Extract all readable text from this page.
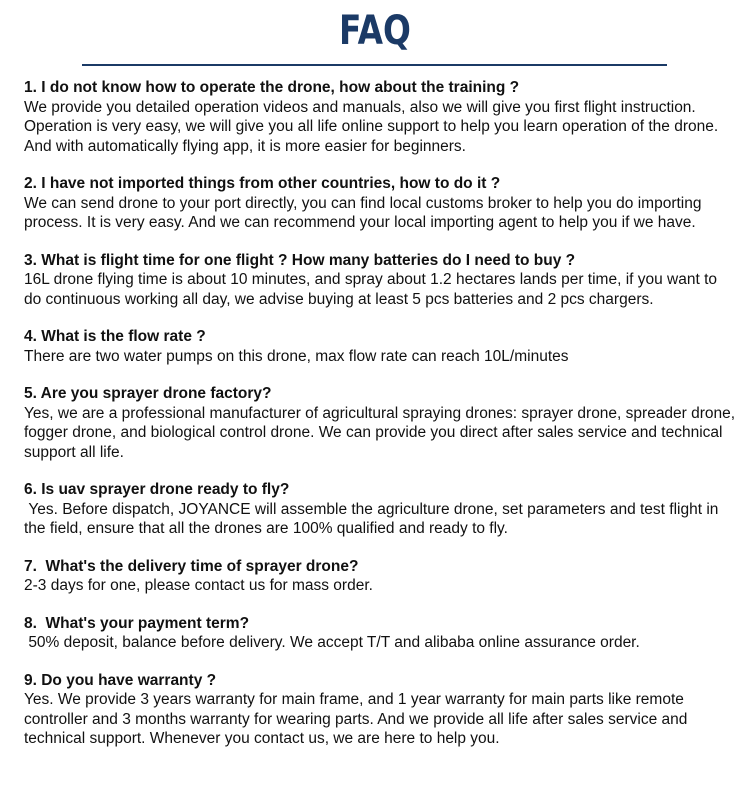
FAQ
1. I do not know how to operate the drone, how about the training ?
We provide you detailed operation videos and manuals, also we will give you first flight instruction. Operation is very easy, we will give you all life online support to help you learn operation of the drone. And with automatically flying app, it is more easier for beginners.
2. I have not imported things from other countries, how to do it ?
We can send drone to your port directly, you can find local customs broker to help you do importing process. It is very easy. And we can recommend your local importing agent to help you if we have.
3. What is flight time for one flight ? How many batteries do I need to buy ?
16L drone flying time is about 10 minutes, and spray about 1.2 hectares lands per time, if you want to do continuous working all day, we advise buying at least 5 pcs batteries and 2 pcs chargers.
4. What is the flow rate ?
There are two water pumps on this drone, max flow rate can reach 10L/minutes
5. Are you sprayer drone factory?
Yes, we are a professional manufacturer of agricultural spraying drones: sprayer drone, spreader drone, fogger drone, and biological control drone. We can provide you direct after sales service and technical support all life.
6. Is uav sprayer drone ready to fly?
Yes. Before dispatch, JOYANCE will assemble the agriculture drone, set parameters and test flight in the field, ensure that all the drones are 100% qualified and ready to fly.
7.  What's the delivery time of sprayer drone?
2-3 days for one, please contact us for mass order.
8.  What's your payment term?
50% deposit, balance before delivery. We accept T/T and alibaba online assurance order.
9. Do you have warranty ?
Yes. We provide 3 years warranty for main frame, and 1 year warranty for main parts like remote controller and 3 months warranty for wearing parts. And we provide all life after sales service and technical support. Whenever you contact us, we are here to help you.
